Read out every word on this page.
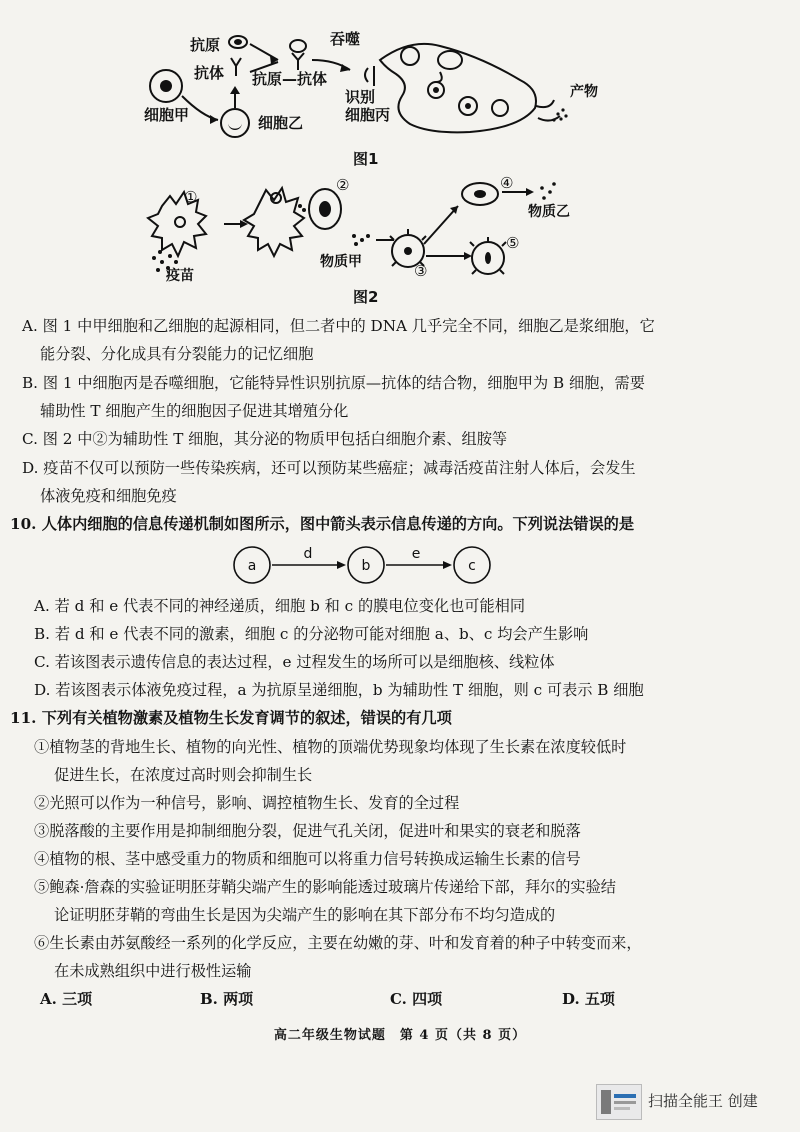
抗原
抗体 抗原—抗体
细胞甲	细胞乙
吞噬
识别
细胞丙
产物
图1
①
②
③
④
⑤
疫苗
物质甲
物质乙
图2
A. 图 1 中甲细胞和乙细胞的起源相同，但二者中的 DNA 几乎完全不同，细胞乙是浆细胞，它
能分裂、分化成具有分裂能力的记忆细胞
B. 图 1 中细胞丙是吞噬细胞，它能特异性识别抗原—抗体的结合物，细胞甲为 B 细胞，需要
辅助性 T 细胞产生的细胞因子促进其增殖分化
C. 图 2 中②为辅助性 T 细胞，其分泌的物质甲包括白细胞介素、组胺等
D. 疫苗不仅可以预防一些传染疾病，还可以预防某些癌症；减毒活疫苗注射人体后，会发生
体液免疫和细胞免疫
10. 人体内细胞的信息传递机制如图所示，图中箭头表示信息传递的方向。下列说法错误的是
a
d
b
e
c
A. 若 d 和 e 代表不同的神经递质，细胞 b 和 c 的膜电位变化也可能相同
B. 若 d 和 e 代表不同的激素，细胞 c 的分泌物可能对细胞 a、b、c 均会产生影响
C. 若该图表示遗传信息的表达过程，e 过程发生的场所可以是细胞核、线粒体
D. 若该图表示体液免疫过程，a 为抗原呈递细胞，b 为辅助性 T 细胞，则 c 可表示 B 细胞
11. 下列有关植物激素及植物生长发育调节的叙述，错误的有几项
①植物茎的背地生长、植物的向光性、植物的顶端优势现象均体现了生长素在浓度较低时
促进生长，在浓度过高时则会抑制生长
②光照可以作为一种信号，影响、调控植物生长、发育的全过程
③脱落酸的主要作用是抑制细胞分裂，促进气孔关闭，促进叶和果实的衰老和脱落
④植物的根、茎中感受重力的物质和细胞可以将重力信号转换成运输生长素的信号
⑤鲍森·詹森的实验证明胚芽鞘尖端产生的影响能透过玻璃片传递给下部，拜尔的实验结
论证明胚芽鞘的弯曲生长是因为尖端产生的影响在其下部分布不均匀造成的
⑥生长素由苏氨酸经一系列的化学反应，主要在幼嫩的芽、叶和发育着的种子中转变而来，
在未成熟组织中进行极性运输
A. 三项	B. 两项	C. 四项	D. 五项
高二年级生物试题　第 4 页（共 8 页）
扫描全能王 创建
